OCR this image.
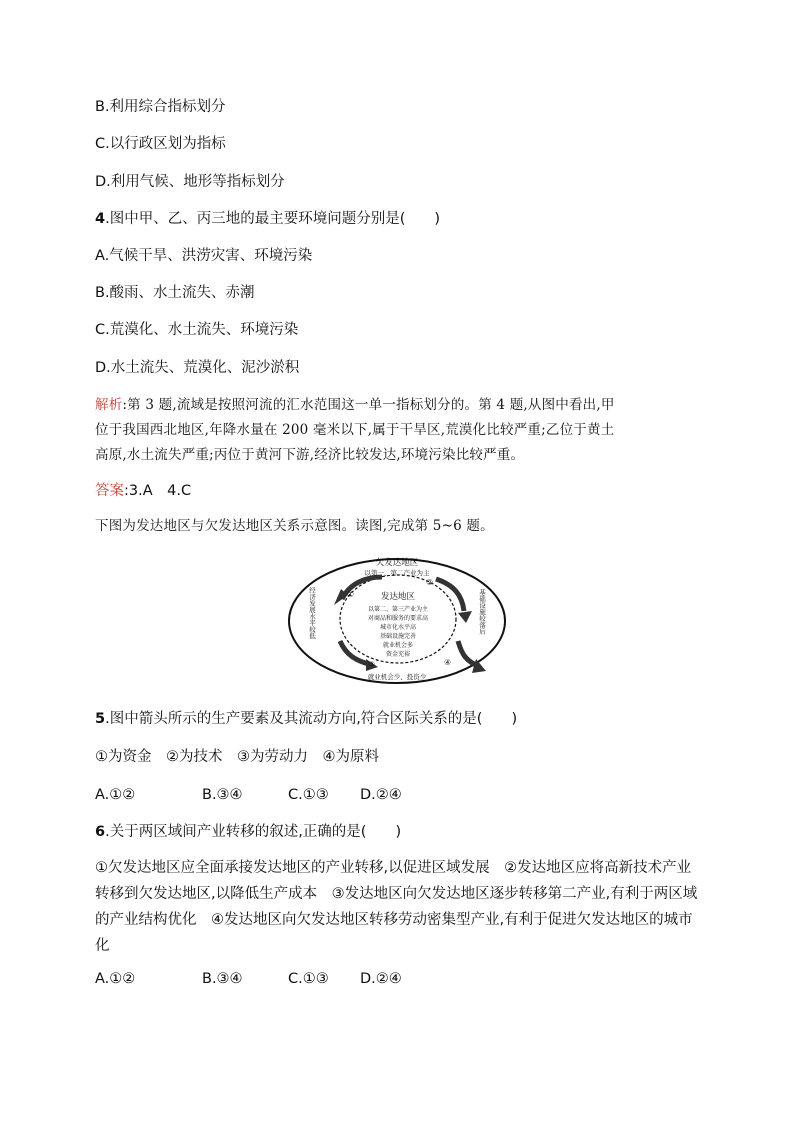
B.利用综合指标划分
C.以行政区划为指标
D.利用气候、地形等指标划分
4.图中甲、乙、丙三地的最主要环境问题分别是(　　)
A.气候干旱、洪涝灾害、环境污染
B.酸雨、水土流失、赤潮
C.荒漠化、水土流失、环境污染
D.水土流失、荒漠化、泥沙淤积
解析:第 3 题,流域是按照河流的汇水范围这一单一指标划分的。第 4 题,从图中看出,甲
位于我国西北地区,年降水量在 200 毫米以下,属于干旱区,荒漠化比较严重;乙位于黄土
高原,水土流失严重;丙位于黄河下游,经济比较发达,环境污染比较严重。
答案:3.A　4.C
下图为发达地区与欠发达地区关系示意图。读图,完成第 5~6 题。
①
②
③	④
欠发达地区
以第一、第二产业为主
就业机会少、投资少
经济发展水平较低	基础设施较落后
发达地区
以第二、第三产业为主
对商品和服务的要求高
城市化水平高
基础设施完善
就业机会多
资金充裕
5.图中箭头所示的生产要素及其流动方向,符合区际关系的是(　　)
①为资金　②为技术　③为劳动力　④为原料
A.①②	B.③④	C.①③ D.②④
6.关于两区域间产业转移的叙述,正确的是(　　)
①欠发达地区应全面承接发达地区的产业转移,以促进区域发展　②发达地区应将高新技术产业转移到欠发达地区,以降低生产成本　③发达地区向欠发达地区逐步转移第二产业,有利于两区域的产业结构优化　④发达地区向欠发达地区转移劳动密集型产业,有利于促进欠发达地区的城市化
A.①②	B.③④	C.①③ D.②④
